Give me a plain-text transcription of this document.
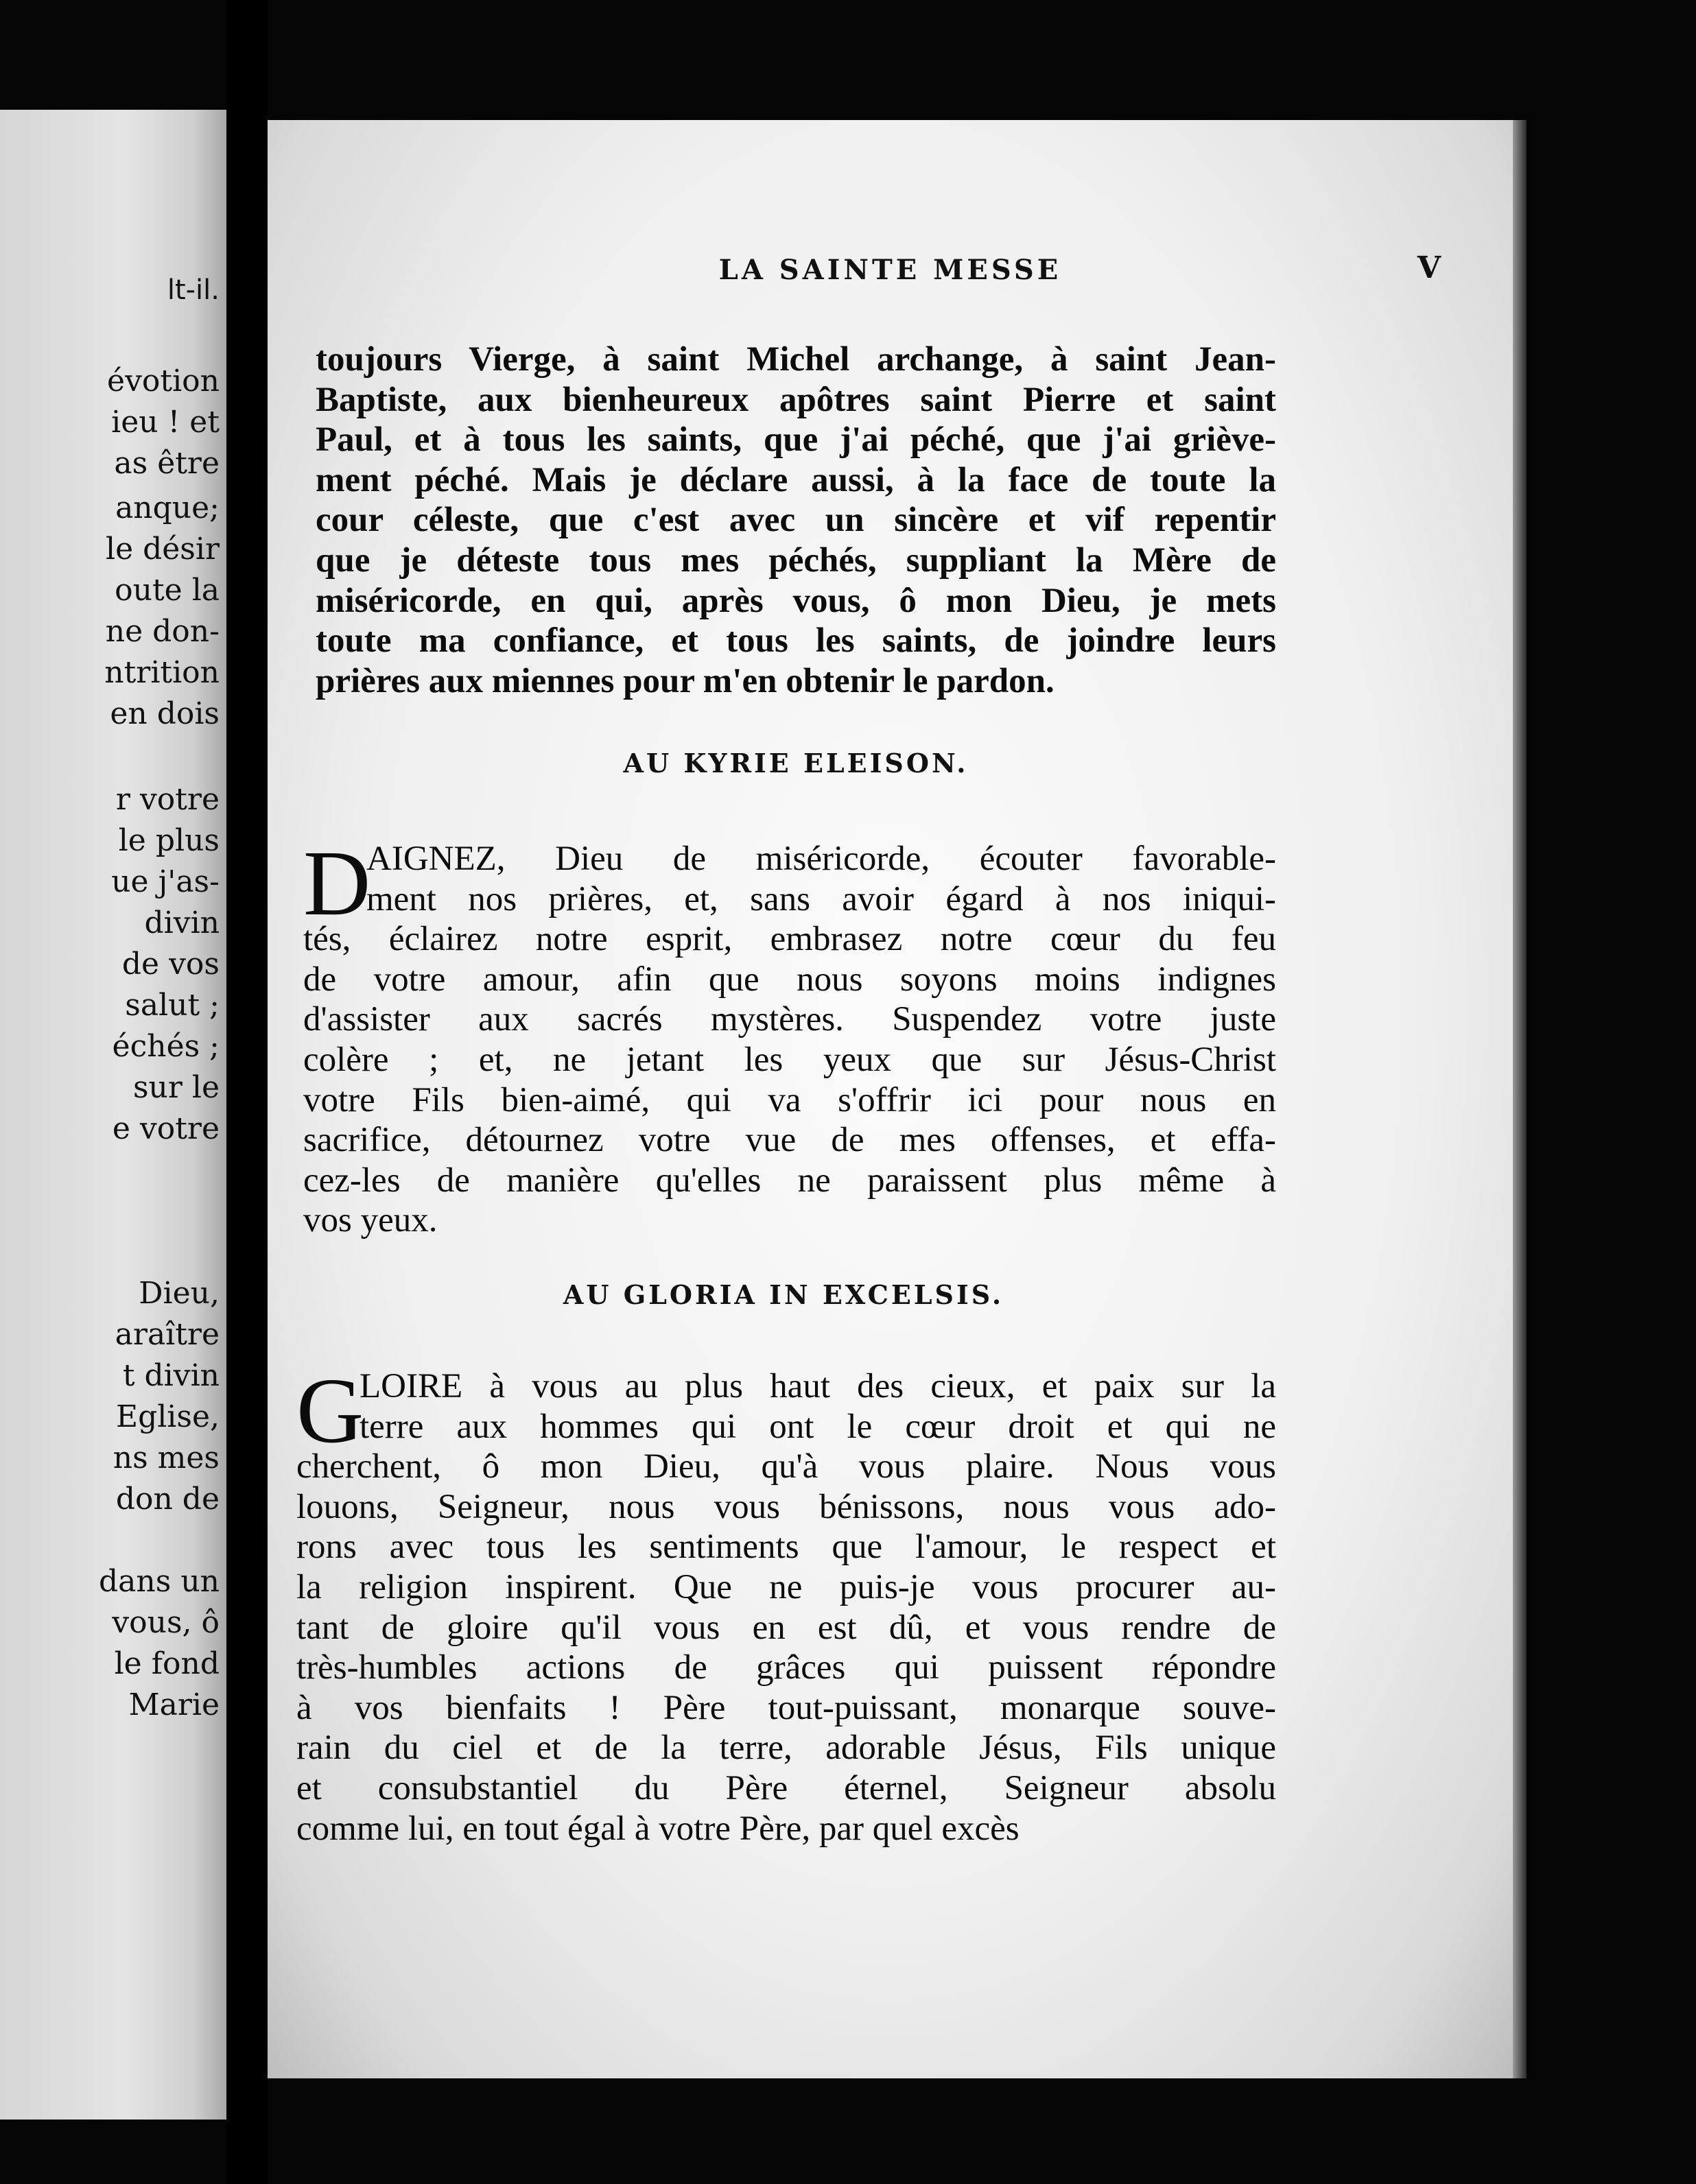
lt-il.
évotion
ieu ! et
as être
anque;
le désir
oute la
ne don-
ntrition
en dois
r votre
le plus
ue j'as-
divin
de vos
salut ;
échés ;
sur le
e votre
Dieu,
araître
t divin
Eglise,
ns mes
don de
dans un
vous, ô
le fond
Marie
LA SAINTE MESSE	V
toujours Vierge, à saint Michel archange, à saint Jean-
Baptiste, aux bienheureux apôtres saint Pierre et saint
Paul, et à tous les saints, que j'ai péché, que j'ai grièvе-
ment péché. Mais je déclare aussi, à la face de toute la
cour céleste, que c'est avec un sincère et vif repentir
que je déteste tous mes péchés, suppliant la Mère de
miséricorde, en qui, après vous, ô mon Dieu, je mets
toute ma confiance, et tous les saints, de joindre leurs
prières aux miennes pour m'en obtenir le pardon.
AU KYRIE ELEISON.
D
AIGNEZ, Dieu de miséricorde, écouter favorable-
ment nos prières, et, sans avoir égard à nos iniqui-
tés, éclairez notre esprit, embrasez notre cœur du feu
de votre amour, afin que nous soyons moins indignes
d'assister aux sacrés mystères. Suspendez votre juste
colère ; et, ne jetant les yeux que sur Jésus-Christ
votre Fils bien-aimé, qui va s'offrir ici pour nous en
sacrifice, détournez votre vue de mes offenses, et effa-
cez-les de manière qu'elles ne paraissent plus même à
vos yeux.
AU GLORIA IN EXCELSIS.
G
LOIRE à vous au plus haut des cieux, et paix sur la
terre aux hommes qui ont le cœur droit et qui ne
cherchent, ô mon Dieu, qu'à vous plaire. Nous vous
louons, Seigneur, nous vous bénissons, nous vous ado-
rons avec tous les sentiments que l'amour, le respect et
la religion inspirent. Que ne puis-je vous procurer au-
tant de gloire qu'il vous en est dû, et vous rendre de
très-humbles actions de grâces qui puissent répondre
à vos bienfaits ! Père tout-puissant, monarque souve-
rain du ciel et de la terre, adorable Jésus, Fils unique
et consubstantiel du Père éternel, Seigneur absolu
comme lui, en tout égal à votre Père, par quel excès
